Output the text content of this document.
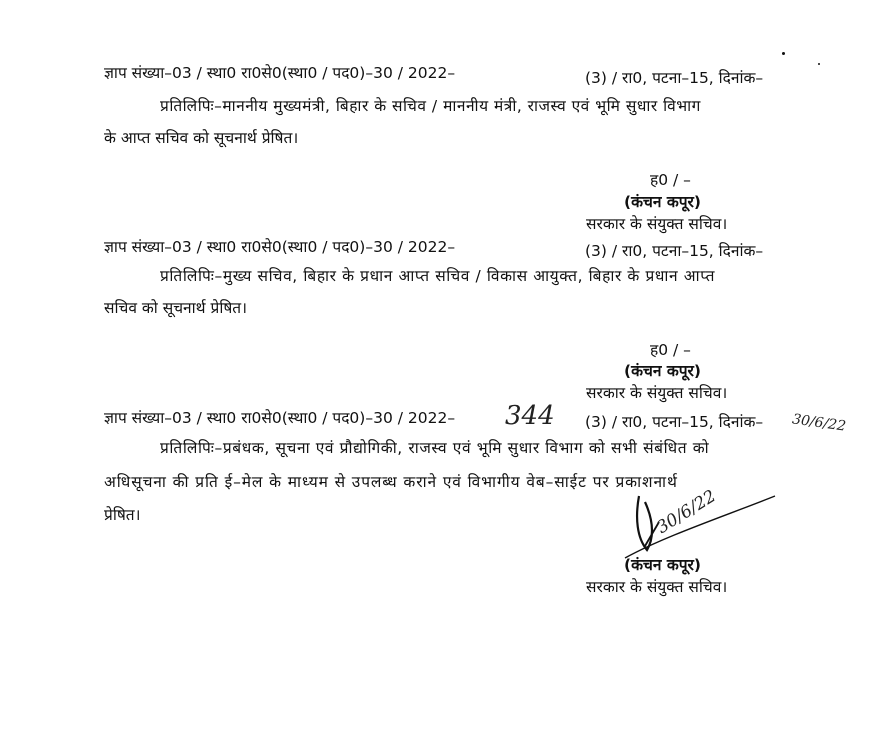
ज्ञाप संख्या–03 / स्था0 रा0से0(स्था0 / पद0)–30 / 2022–	(3) / रा0, पटना–15, दिनांक–
प्रतिलिपिः–माननीय मुख्यमंत्री, बिहार के सचिव / माननीय मंत्री, राजस्व एवं भूमि सुधार विभाग
के आप्त सचिव को सूचनार्थ प्रेषित।
ह0 / –
(कंचन कपूर)
सरकार के संयुक्त सचिव।
ज्ञाप संख्या–03 / स्था0 रा0से0(स्था0 / पद0)–30 / 2022–	(3) / रा0, पटना–15, दिनांक–
प्रतिलिपिः–मुख्य सचिव, बिहार के प्रधान आप्त सचिव / विकास आयुक्त, बिहार के प्रधान आप्त
सचिव को सूचनार्थ प्रेषित।
ह0 / –
(कंचन कपूर)
सरकार के संयुक्त सचिव।
ज्ञाप संख्या–03 / स्था0 रा0से0(स्था0 / पद0)–30 / 2022– 344 (3) / रा0, पटना–15, दिनांक– 30/6/22
प्रतिलिपिः–प्रबंधक, सूचना एवं प्रौद्योगिकी, राजस्व एवं भूमि सुधार विभाग को सभी संबंधित को
अधिसूचना की प्रति ई–मेल के माध्यम से उपलब्ध कराने एवं विभागीय वेब–साईट पर प्रकाशनार्थ
प्रेषित।	30/6/22
(कंचन कपूर)
सरकार के संयुक्त सचिव।
